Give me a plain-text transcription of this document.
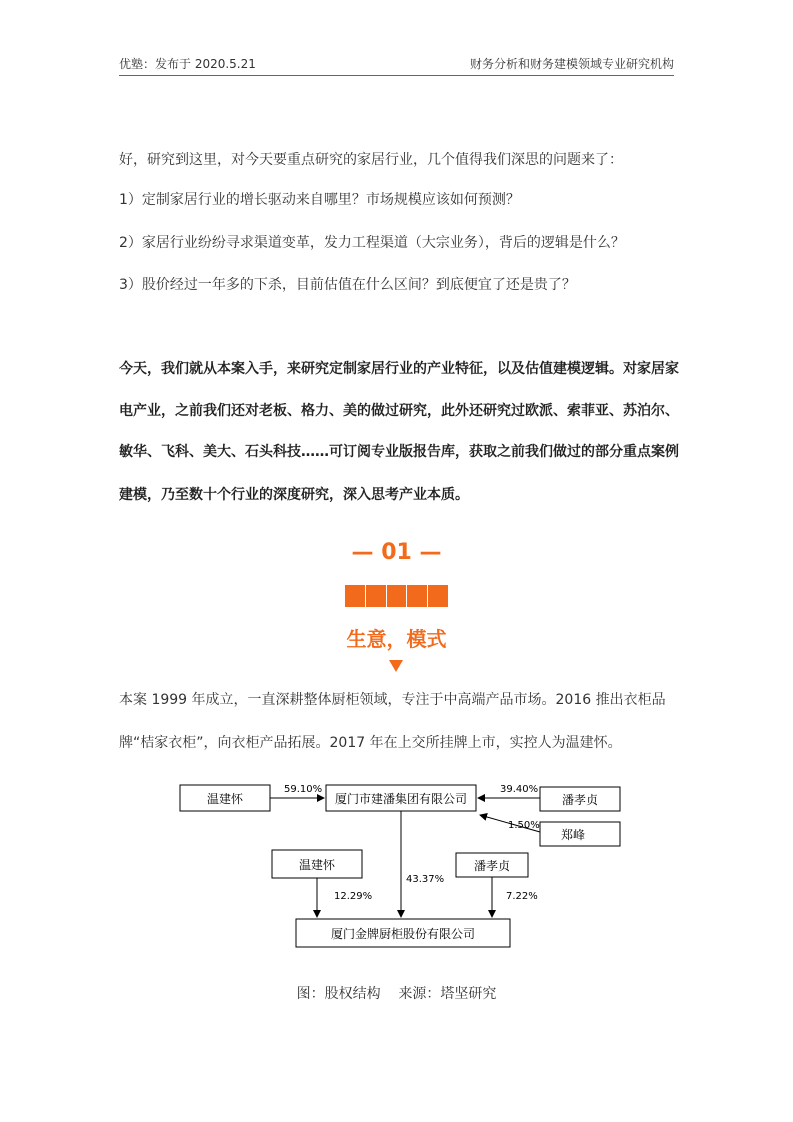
优塾：发布于 2020.5.21	财务分析和财务建模领域专业研究机构
好，研究到这里，对今天要重点研究的家居行业，几个值得我们深思的问题来了：
1）定制家居行业的增长驱动来自哪里？市场规模应该如何预测？
2）家居行业纷纷寻求渠道变革，发力工程渠道（大宗业务），背后的逻辑是什么？
3）股价经过一年多的下杀，目前估值在什么区间？到底便宜了还是贵了？
今天，我们就从本案入手，来研究定制家居行业的产业特征，以及估值建模逻辑。对家居家
电产业，之前我们还对老板、格力、美的做过研究，此外还研究过欧派、索菲亚、苏泊尔、
敏华、飞科、美大、石头科技……可订阅专业版报告库，获取之前我们做过的部分重点案例
建模，乃至数十个行业的深度研究，深入思考产业本质。
— 01 —
生意，模式
本案 1999 年成立，一直深耕整体厨柜领域，专注于中高端产品市场。2016 推出衣柜品
牌“桔家衣柜”，向衣柜产品拓展。2017 年在上交所挂牌上市，实控人为温建怀。
温建怀
59.10%
厦门市建潘集团有限公司	潘孝贞
39.40%
郑峰
1.50%
43.37%
温建怀
12.29%
潘孝贞
7.22%
厦门金牌厨柜股份有限公司
图：股权结构    来源：塔坚研究
